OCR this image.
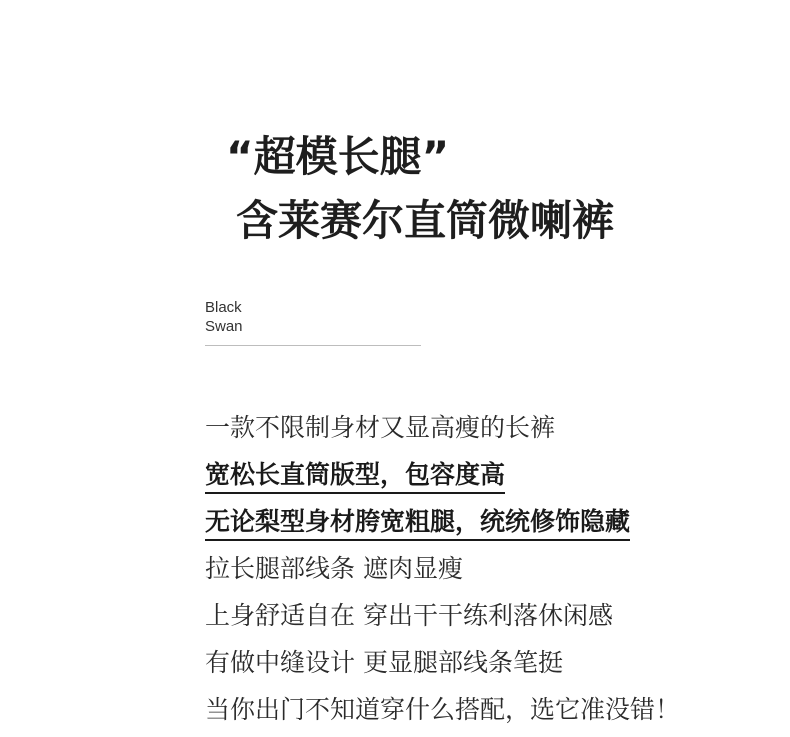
“超模长腿”
含莱赛尔直筒微喇裤
Black
Swan
一款不限制身材又显高瘦的长裤
宽松长直筒版型，包容度高
无论梨型身材胯宽粗腿，统统修饰隐藏
拉长腿部线条 遮肉显瘦
上身舒适自在 穿出干干练利落休闲感
有做中缝设计 更显腿部线条笔挺
当你出门不知道穿什么搭配，选它准没错！
